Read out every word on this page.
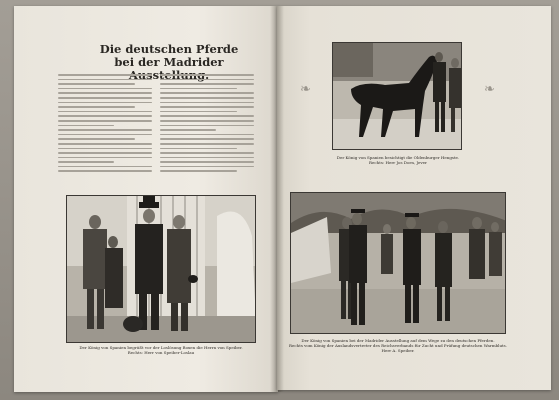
Die deutschen Pferde
bei der Madrider
Der König von Spanien begrüßt vor der Loslösung Boxen die Herrn von Speiber.
Rechts: Herr von Speiber-Loslau
❧	❧
Der König von Spanien besichtigt die Oldenburger Hengste.
Rechts: Herr Jos Dorn, Jever
Der König von Spanien bei der Madrider Ausstellung auf dem Wege zu den deutschen Pferden.
Rechts vom König der Auslandsvertreter des Reichsverbands für Zucht und Prüfung deutschen Warmbluts.
Herr A. Speiber.
